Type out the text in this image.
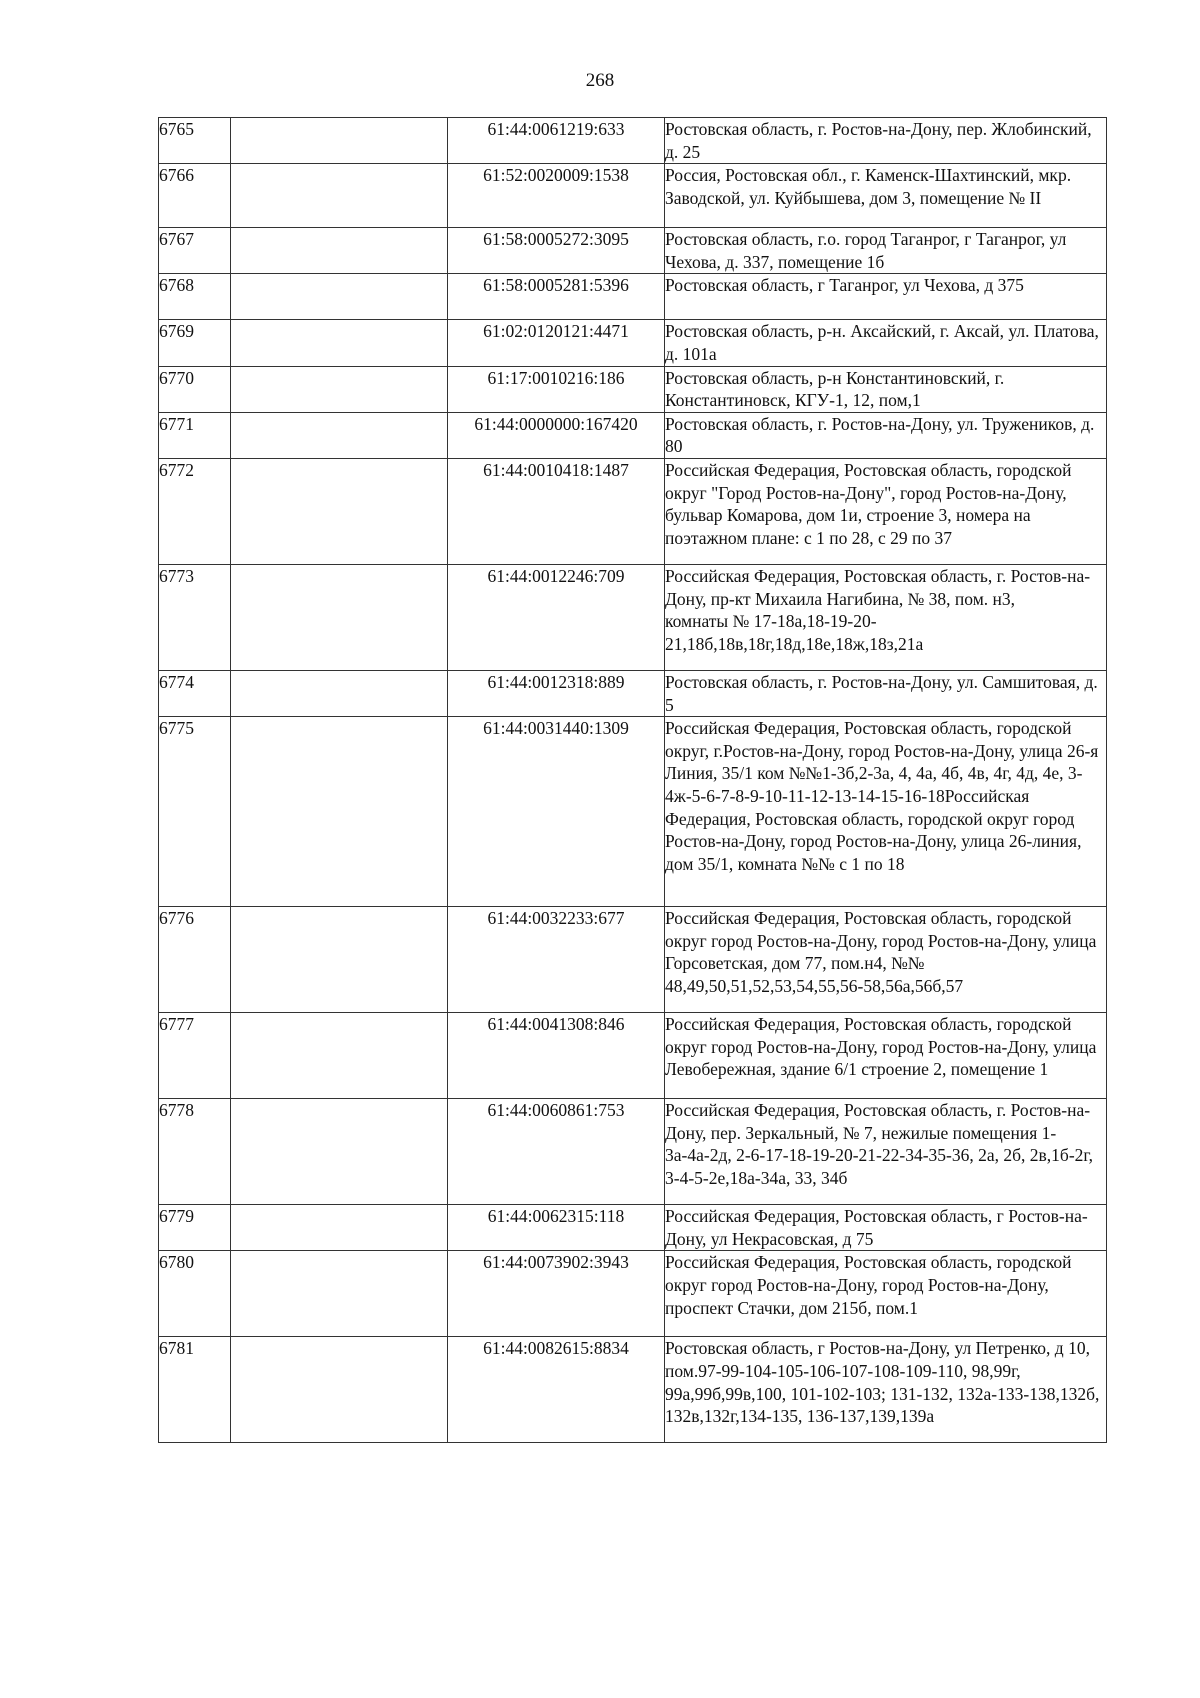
268
6765		61:44:0061219:633	Ростовская область, г. Ростов-на-Дону, пер. Жлобинский, д. 25
6766		61:52:0020009:1538	Россия, Ростовская обл., г. Каменск-Шахтинский, мкр. Заводской, ул. Куйбышева, дом 3, помещение № II
6767		61:58:0005272:3095	Ростовская область, г.о. город Таганрог, г Таганрог, ул Чехова, д. 337, помещение 1б
6768		61:58:0005281:5396	Ростовская область, г Таганрог, ул Чехова, д 375
6769		61:02:0120121:4471	Ростовская область, р-н. Аксайский, г. Аксай, ул. Платова, д. 101а
6770		61:17:0010216:186	Ростовская область, р-н Константиновский, г. Константиновск, КГУ-1, 12, пом,1
6771		61:44:0000000:167420	Ростовская область, г. Ростов-на-Дону, ул. Тружеников, д. 80
6772		61:44:0010418:1487	Российская Федерация, Ростовская область, городской округ "Город Ростов-на-Дону", город Ростов-на-Дону, бульвар Комарова, дом 1и, строение 3, номера на поэтажном плане: с 1 по 28, с 29 по 37
6773		61:44:0012246:709	Российская Федерация, Ростовская область, г. Ростов-на-Дону, пр-кт Михаила Нагибина, № 38, пом. н3,
комнаты № 17-18а,18-19-20-21,18б,18в,18г,18д,18е,18ж,18з,21а
6774		61:44:0012318:889	Ростовская область, г. Ростов-на-Дону, ул. Самшитовая, д. 5
6775		61:44:0031440:1309	Российская Федерация, Ростовская область, городской округ, г.Ростов-на-Дону, город Ростов-на-Дону, улица 26-я Линия, 35/1 ком №№1-3б,2-3а, 4, 4а, 4б, 4в, 4г, 4д, 4е, 3-4ж-5-6-7-8-9-10-11-12-13-14-15-16-18Российская Федерация, Ростовская область, городской округ город Ростов-на-Дону, город Ростов-на-Дону, улица 26-линия, дом 35/1, комната №№ с 1 по 18
6776		61:44:0032233:677	Российская Федерация, Ростовская область, городской округ город Ростов-на-Дону, город Ростов-на-Дону, улица Горсоветская, дом 77, пом.н4, №№ 48,49,50,51,52,53,54,55,56-58,56а,56б,57
6777		61:44:0041308:846	Российская Федерация, Ростовская область, городской округ город Ростов-на-Дону, город Ростов-на-Дону, улица Левобережная, здание 6/1 строение 2, помещение 1
6778		61:44:0060861:753	Российская Федерация, Ростовская область, г. Ростов-на-Дону, пер. Зеркальный, № 7, нежилые помещения 1-3а-4а-2д, 2-6-17-18-19-20-21-22-34-35-36, 2а, 2б, 2в,1б-2г, 3-4-5-2е,18а-34а, 33, 34б
6779		61:44:0062315:118	Российская Федерация, Ростовская область, г Ростов-на-Дону, ул Некрасовская, д 75
6780		61:44:0073902:3943	Российская Федерация, Ростовская область, городской округ город Ростов-на-Дону, город Ростов-на-Дону, проспект Стачки, дом 215б, пом.1
6781		61:44:0082615:8834	Ростовская область, г Ростов-на-Дону, ул Петренко, д 10, пом.97-99-104-105-106-107-108-109-110, 98,99г, 99а,99б,99в,100, 101-102-103; 131-132, 132а-133-138,132б, 132в,132г,134-135, 136-137,139,139а
